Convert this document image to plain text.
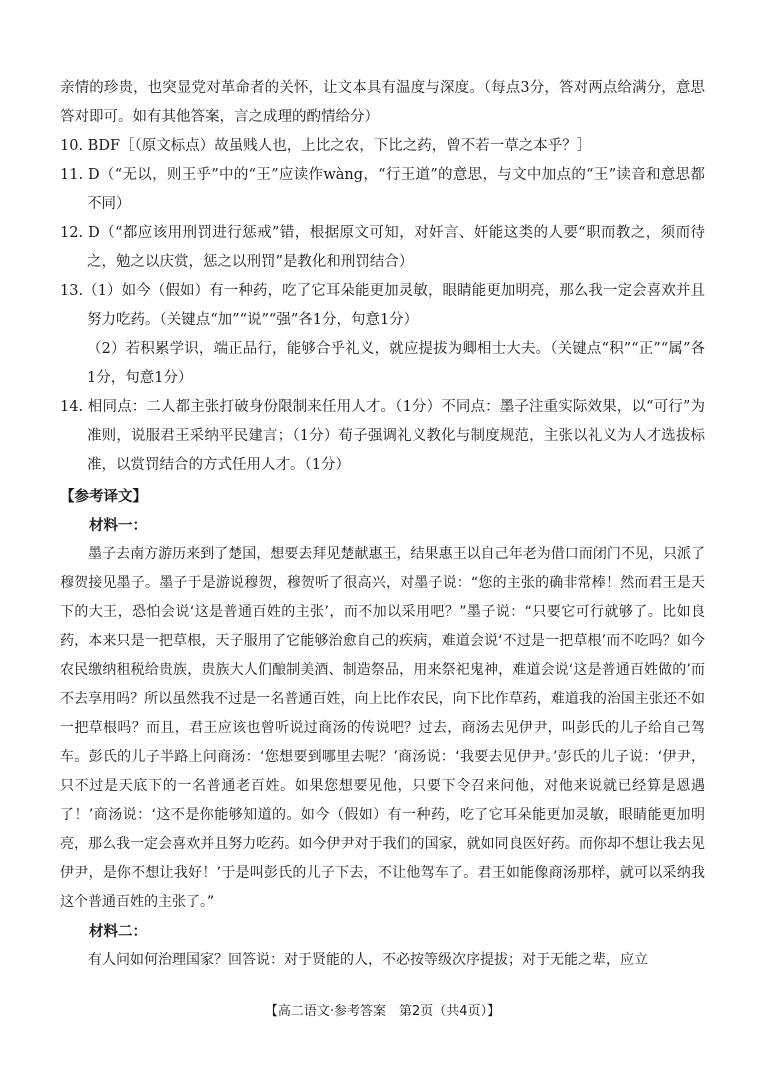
亲情的珍贵，也突显党对革命者的关怀，让文本具有温度与深度。（每点3分，答对两点给满分，意思答对即可。如有其他答案，言之成理的酌情给分）

10. BDF［（原文标点）故虽贱人也，上比之农，下比之药，曾不若一草之本乎？］

11. D（“无以，则王乎”中的“王”应读作wàng，“行王道”的意思，与文中加点的“王”读音和意思都不同）

12. D（“都应该用刑罚进行惩戒”错，根据原文可知，对奸言、奸能这类的人要“职而教之，须而待之，勉之以庆赏，惩之以刑罚”是教化和刑罚结合）

13.（1）如今（假如）有一种药，吃了它耳朵能更加灵敏，眼睛能更加明亮，那么我一定会喜欢并且努力吃药。（关键点“加”“说”“强”各1分，句意1分）

（2）若积累学识，端正品行，能够合乎礼义，就应提拔为卿相士大夫。（关键点“积”“正”“属”各1分，句意1分）

14. 相同点：二人都主张打破身份限制来任用人才。（1分）不同点：墨子注重实际效果，以“可行”为准则，说服君王采纳平民建言；（1分）荀子强调礼义教化与制度规范，主张以礼义为人才选拔标准，以赏罚结合的方式任用人才。（1分）

【参考译文】

材料一：

墨子去南方游历来到了楚国，想要去拜见楚献惠王，结果惠王以自己年老为借口而闭门不见，只派了穆贺接见墨子。墨子于是游说穆贺，穆贺听了很高兴，对墨子说：“您的主张的确非常棒！然而君王是天下的大王，恐怕会说‘这是普通百姓的主张’，而不加以采用吧？”墨子说：“只要它可行就够了。比如良药，本来只是一把草根，天子服用了它能够治愈自己的疾病，难道会说‘不过是一把草根’而不吃吗？如今农民缴纳租税给贵族，贵族大人们酿制美酒、制造祭品，用来祭祀鬼神，难道会说‘这是普通百姓做的’而不去享用吗？所以虽然我不过是一名普通百姓，向上比作农民，向下比作草药，难道我的治国主张还不如一把草根吗？而且，君王应该也曾听说过商汤的传说吧？过去，商汤去见伊尹，叫彭氏的儿子给自己驾车。彭氏的儿子半路上问商汤：‘您想要到哪里去呢？’商汤说：‘我要去见伊尹。’彭氏的儿子说：‘伊尹，只不过是天底下的一名普通老百姓。如果您想要见他，只要下令召来问他，对他来说就已经算是恩遇了！’商汤说：‘这不是你能够知道的。如今（假如）有一种药，吃了它耳朵能更加灵敏，眼睛能更加明亮，那么我一定会喜欢并且努力吃药。如今伊尹对于我们的国家，就如同良医好药。而你却不想让我去见伊尹，是你不想让我好！’于是叫彭氏的儿子下去，不让他驾车了。君王如能像商汤那样，就可以采纳我这个普通百姓的主张了。”

材料二：

有人问如何治理国家？回答说：对于贤能的人，不必按等级次序提拔；对于无能之辈，应立

【高二语文·参考答案　第2页（共4页）】
